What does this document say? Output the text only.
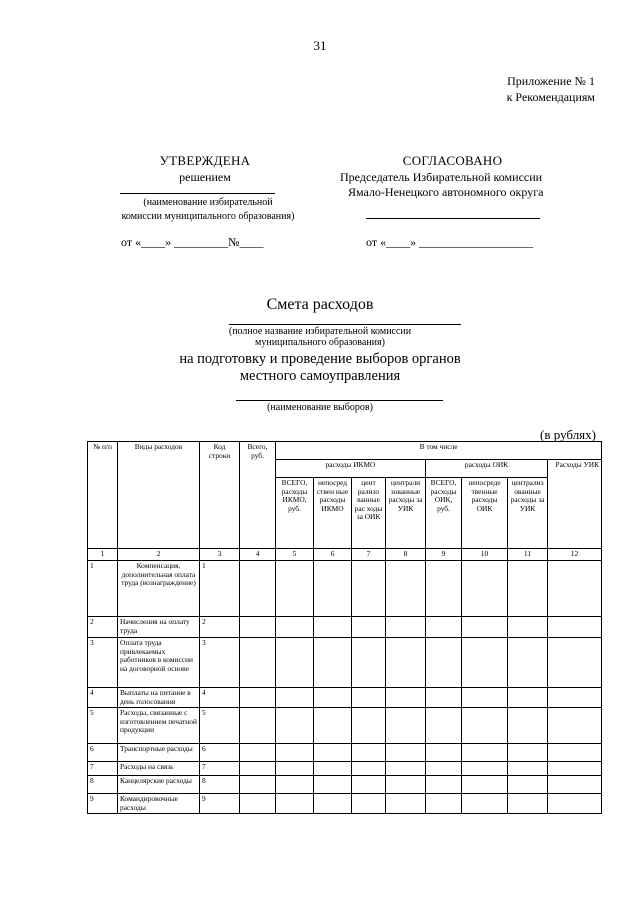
31
Приложение № 1
к Рекомендациям
УТВЕРЖДЕНА
решением
(наименование избирательной
комиссии муниципального образования)
от «____» _________№____
СОГЛАСОВАНО
Председатель Избирательной комиссии
Ямало-Ненецкого автономного округа
от «____» ___________________
Смета расходов
(полное название избирательной комиссии
муниципального образования)
на подготовку и проведение выборов органов
местного самоуправления
(наименование выборов)
(в рублях)
№ п/п	Виды расходов	Код строки	Всего, руб.	В том числе							
				расходы ИКМО				расходы ОИК			Расходы УИК
				ВСЕГО, расходы ИКМО, руб.	непосред ствен ные расходы ИКМО	цент рализо ванные рас ходы за ОИК	централи зованные расходы за УИК	ВСЕГО, расходы ОИК, руб.	непосреде твенные расходы ОИК	централиз ованные расходы за УИК	
1	2	3	4	5	6	7	8	9	10	11	12
1	Компенсация, дополнительная оплата труда (вознаграждение)	1									
2	Начисления на оплату труда	2									
3	Оплата труда привлекаемых работников в комиссии на договорной основе	3									
4	Выплаты на питание в день голосования	4									
5	Расходы, связанные с изготовлением печатной продукции	5									
6	Транспортные расходы	6									
7	Расходы на связь	7									
8	Канцелярские расходы	8									
9	Командировочные расходы	9									
